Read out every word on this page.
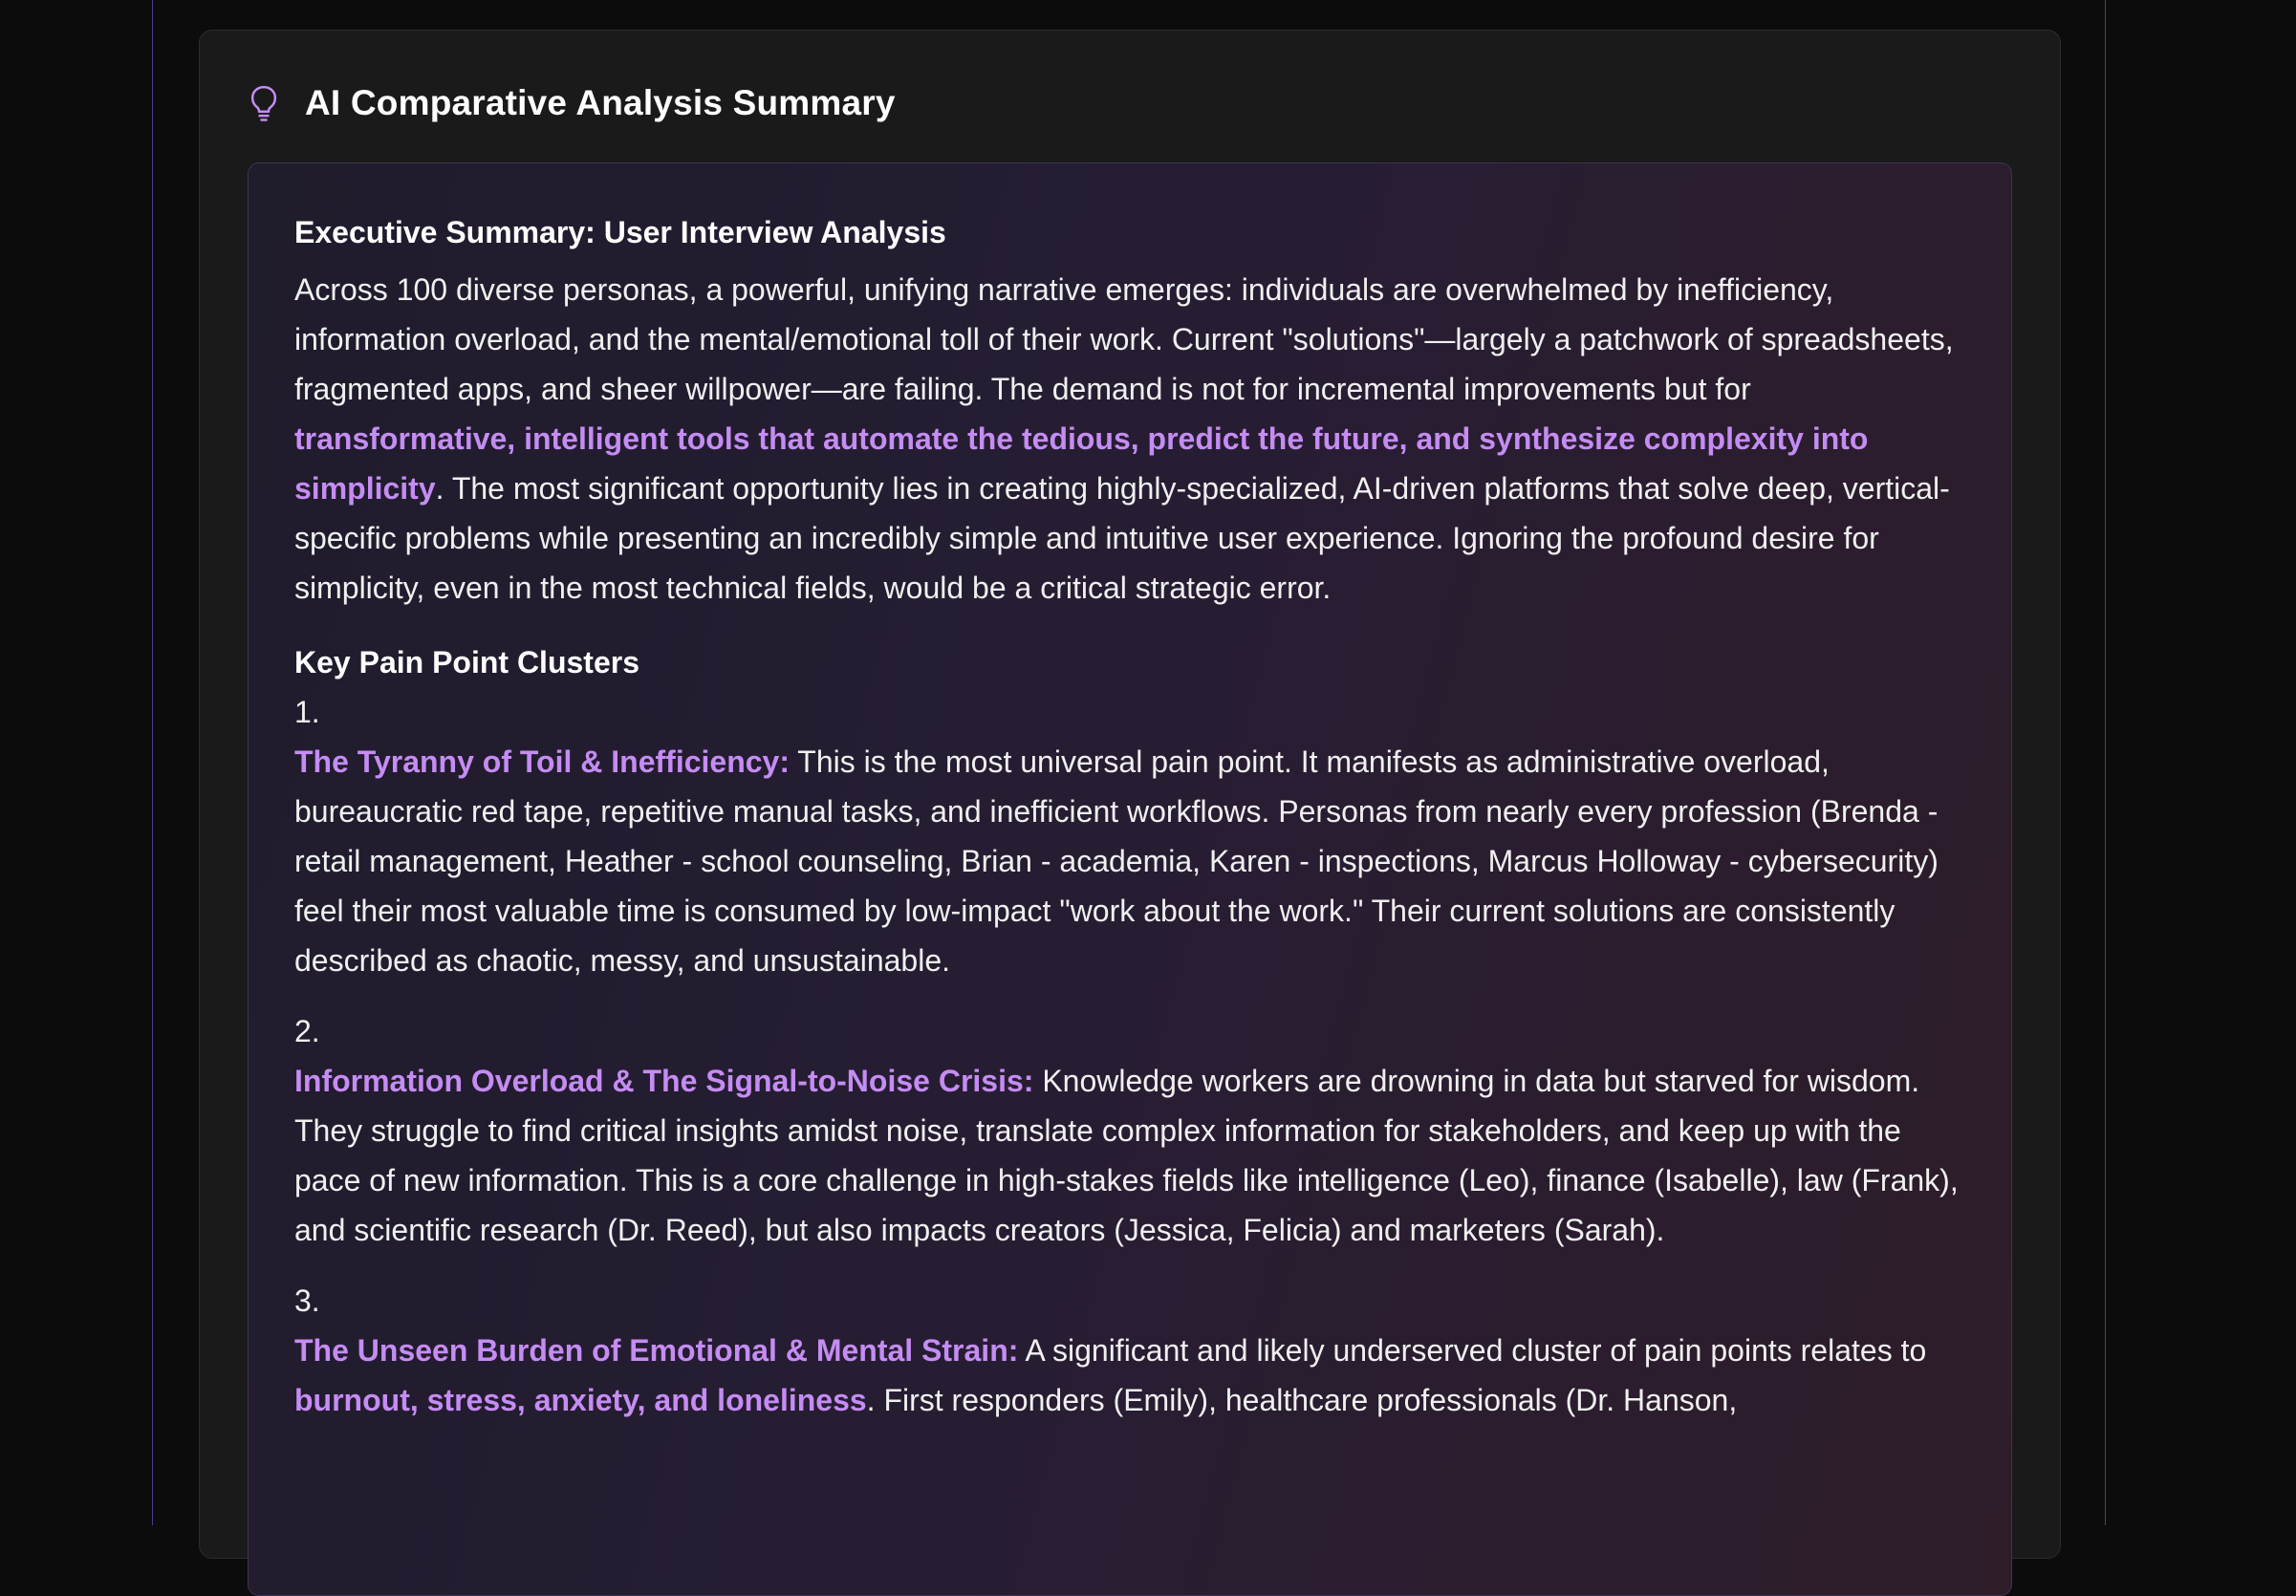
AI Comparative Analysis Summary
Executive Summary: User Interview Analysis

Across 100 diverse personas, a powerful, unifying narrative emerges: individuals are overwhelmed by inefficiency, information overload, and the mental/emotional toll of their work. Current "solutions"—largely a patchwork of spreadsheets, fragmented apps, and sheer willpower—are failing. The demand is not for incremental improvements but for transformative, intelligent tools that automate the tedious, predict the future, and synthesize complexity into simplicity. The most significant opportunity lies in creating highly-specialized, AI-driven platforms that solve deep, vertical-specific problems while presenting an incredibly simple and intuitive user experience. Ignoring the profound desire for simplicity, even in the most technical fields, would be a critical strategic error.

Key Pain Point Clusters
1.

The Tyranny of Toil & Inefficiency: This is the most universal pain point. It manifests as administrative overload, bureaucratic red tape, repetitive manual tasks, and inefficient workflows. Personas from nearly every profession (Brenda - retail management, Heather - school counseling, Brian - academia, Karen - inspections, Marcus Holloway - cybersecurity) feel their most valuable time is consumed by low-impact "work about the work." Their current solutions are consistently described as chaotic, messy, and unsustainable.

2.

Information Overload & The Signal-to-Noise Crisis: Knowledge workers are drowning in data but starved for wisdom. They struggle to find critical insights amidst noise, translate complex information for stakeholders, and keep up with the pace of new information. This is a core challenge in high-stakes fields like intelligence (Leo), finance (Isabelle), law (Frank), and scientific research (Dr. Reed), but also impacts creators (Jessica, Felicia) and marketers (Sarah).

3.

The Unseen Burden of Emotional & Mental Strain: A significant and likely underserved cluster of pain points relates to burnout, stress, anxiety, and loneliness. First responders (Emily), healthcare professionals (Dr. Hanson,
